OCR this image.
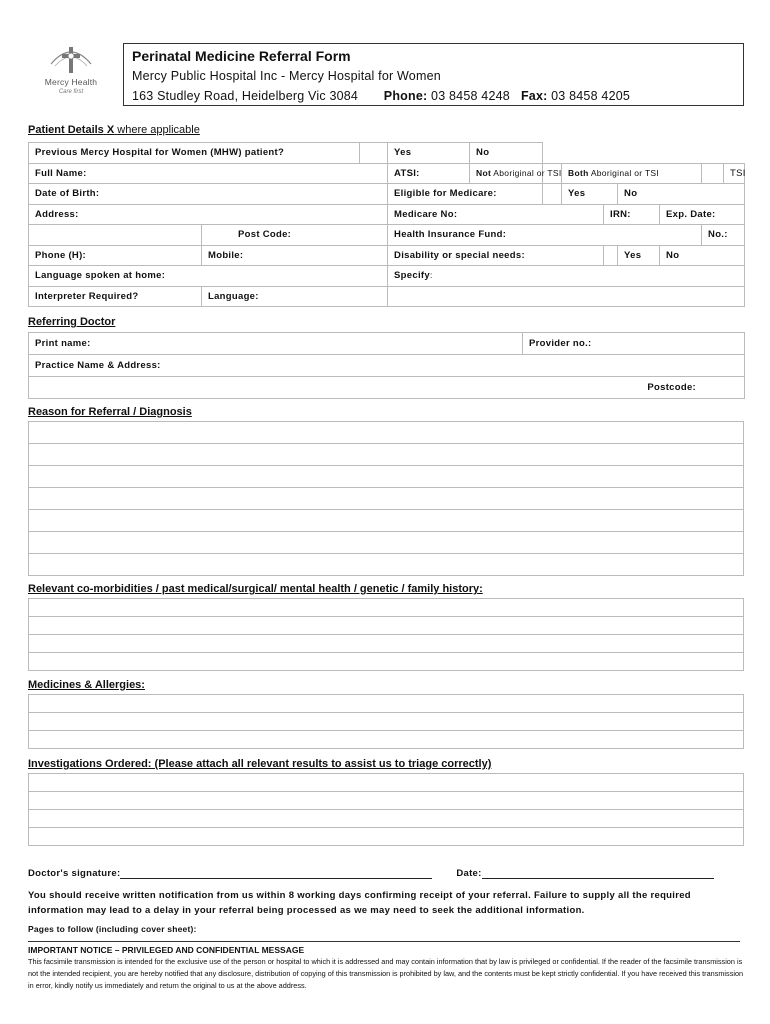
Mercy Health
Care first
Perinatal Medicine Referral Form
Mercy Public Hospital Inc - Mercy Hospital for Women
163 Studley Road, Heidelberg Vic 3084 Phone: 03 8458 4248 Fax: 03 8458 4205
Patient Details X where applicable
Previous Mercy Hospital for Women (MHW) patient?			Yes	No							
Full Name:			ATSI:	Not Aboriginal or TSI		Both Aboriginal or TSI					TSI
Date of Birth:			Eligible for Medicare:			Yes		No			
Address:			Medicare No:				IRN:		Exp. Date:		
	Post Code:		Health Insurance Fund:							No.:	
Phone (H):	Mobile:		Disability or special needs:					Yes	No		
Language spoken at home:			Specify:								
Interpreter Required?	Language:										
Referring Doctor
Print name:	Provider no.:
Practice Name & Address:
Postcode:
Reason for Referral / Diagnosis

Relevant co-morbidities / past medical/surgical/ mental health / genetic / family history:

Medicines & Allergies:

Investigations Ordered: (Please attach all relevant results to assist us to triage correctly)

Doctor's signature:	Date:
You should receive written notification from us within 8 working days confirming receipt of your referral. Failure to supply all the required information may lead to a delay in your referral being processed as we may need to seek the additional information.
Pages to follow (including cover sheet):
IMPORTANT NOTICE – PRIVILEGED AND CONFIDENTIAL MESSAGE
This facsimile transmission is intended for the exclusive use of the person or hospital to which it is addressed and may contain information that by law is privileged or confidential. If the reader of the facsimile transmission is not the intended recipient, you are hereby notified that any disclosure, distribution of copying of this transmission is prohibited by law, and the contents must be kept strictly confidential. If you have received this transmission in error, kindly notify us immediately and return the original to us at the above address.
